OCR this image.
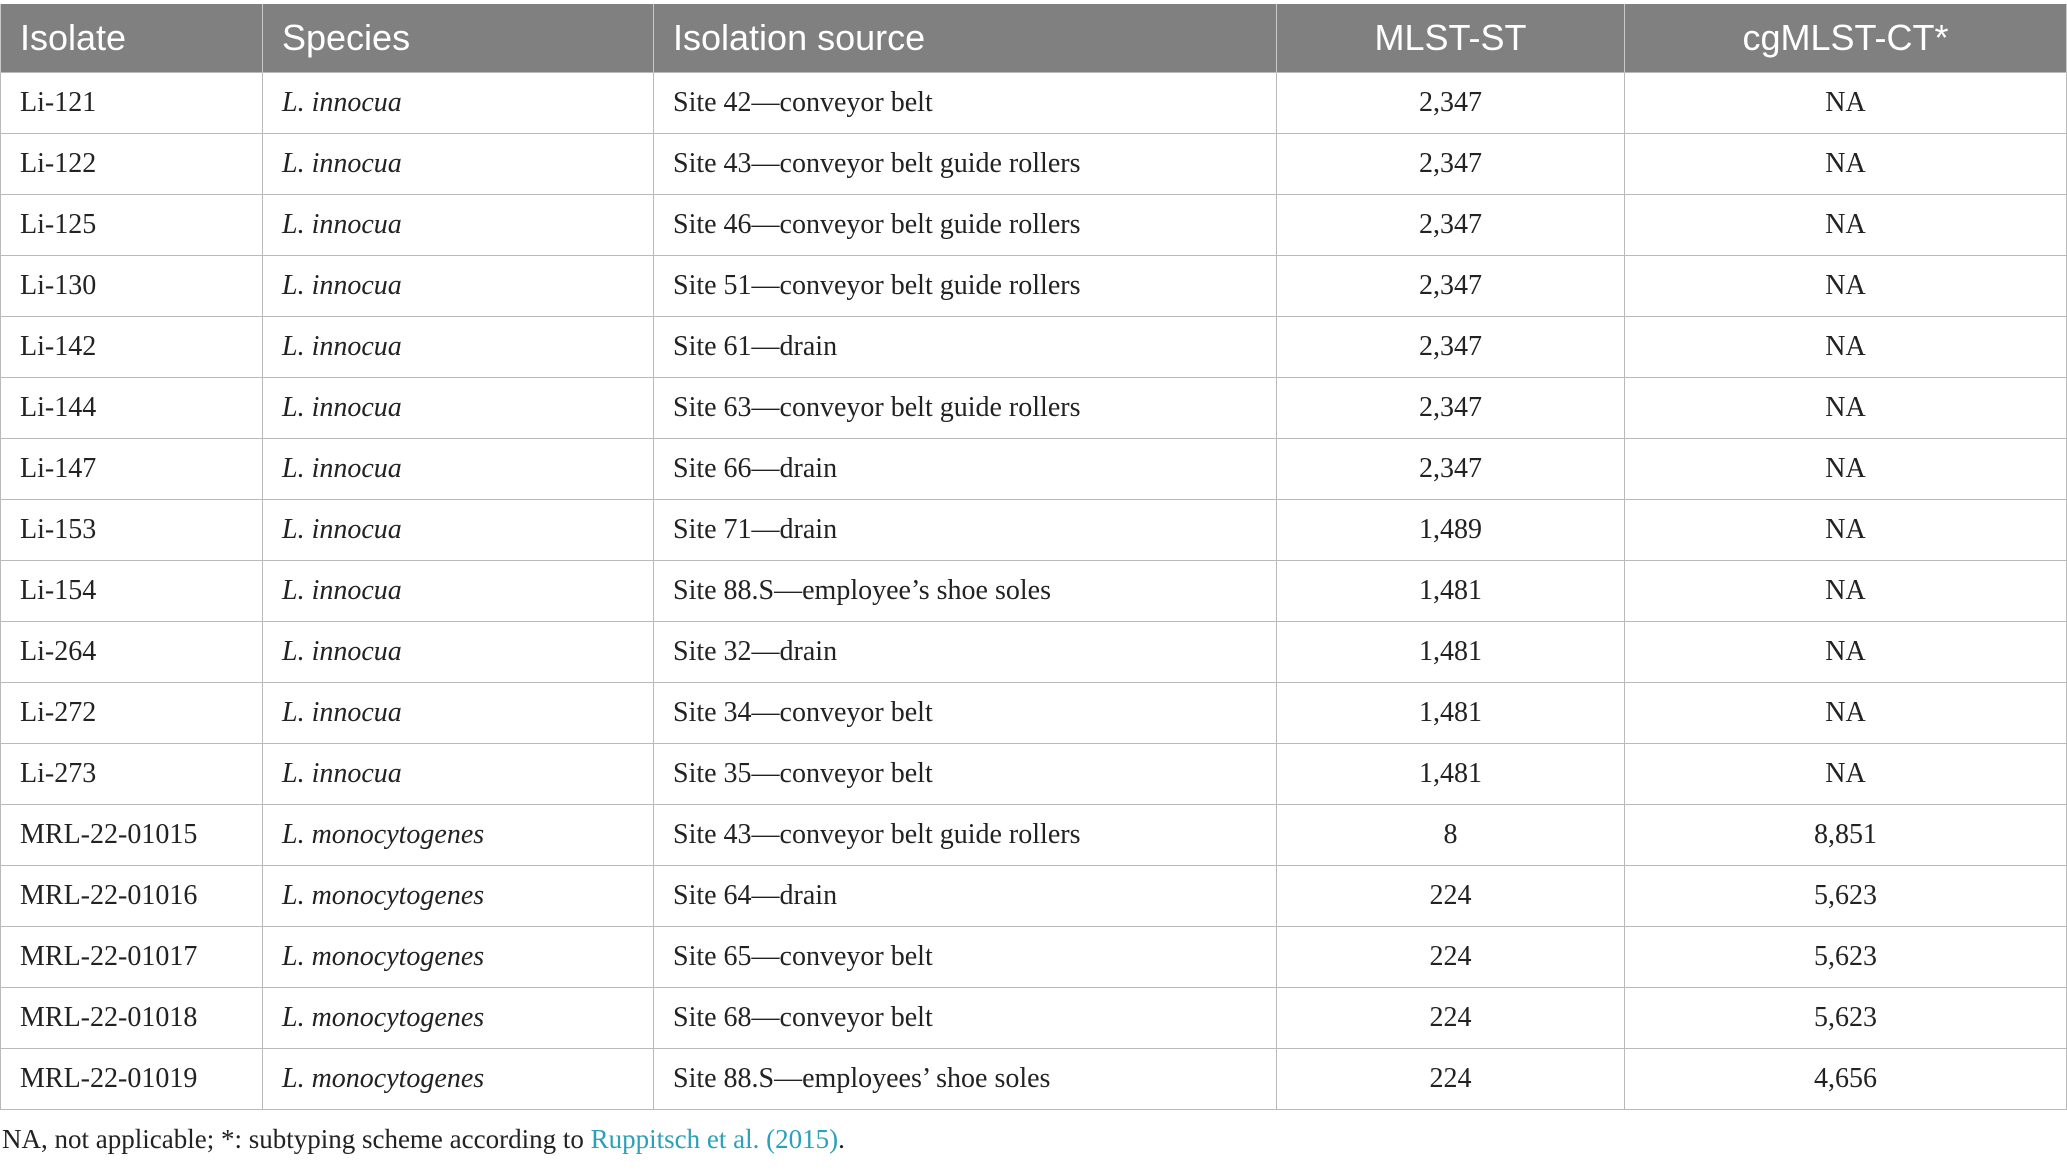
Isolate	Species	Isolation source	MLST-ST	cgMLST-CT*
Li-121	L. innocua	Site 42—conveyor belt	2,347	NA
Li-122	L. innocua	Site 43—conveyor belt guide rollers	2,347	NA
Li-125	L. innocua	Site 46—conveyor belt guide rollers	2,347	NA
Li-130	L. innocua	Site 51—conveyor belt guide rollers	2,347	NA
Li-142	L. innocua	Site 61—drain	2,347	NA
Li-144	L. innocua	Site 63—conveyor belt guide rollers	2,347	NA
Li-147	L. innocua	Site 66—drain	2,347	NA
Li-153	L. innocua	Site 71—drain	1,489	NA
Li-154	L. innocua	Site 88.S—employee’s shoe soles	1,481	NA
Li-264	L. innocua	Site 32—drain	1,481	NA
Li-272	L. innocua	Site 34—conveyor belt	1,481	NA
Li-273	L. innocua	Site 35—conveyor belt	1,481	NA
MRL-22-01015	L. monocytogenes	Site 43—conveyor belt guide rollers	8	8,851
MRL-22-01016	L. monocytogenes	Site 64—drain	224	5,623
MRL-22-01017	L. monocytogenes	Site 65—conveyor belt	224	5,623
MRL-22-01018	L. monocytogenes	Site 68—conveyor belt	224	5,623
MRL-22-01019	L. monocytogenes	Site 88.S—employees’ shoe soles	224	4,656
NA, not applicable; *: subtyping scheme according to Ruppitsch et al. (2015).
